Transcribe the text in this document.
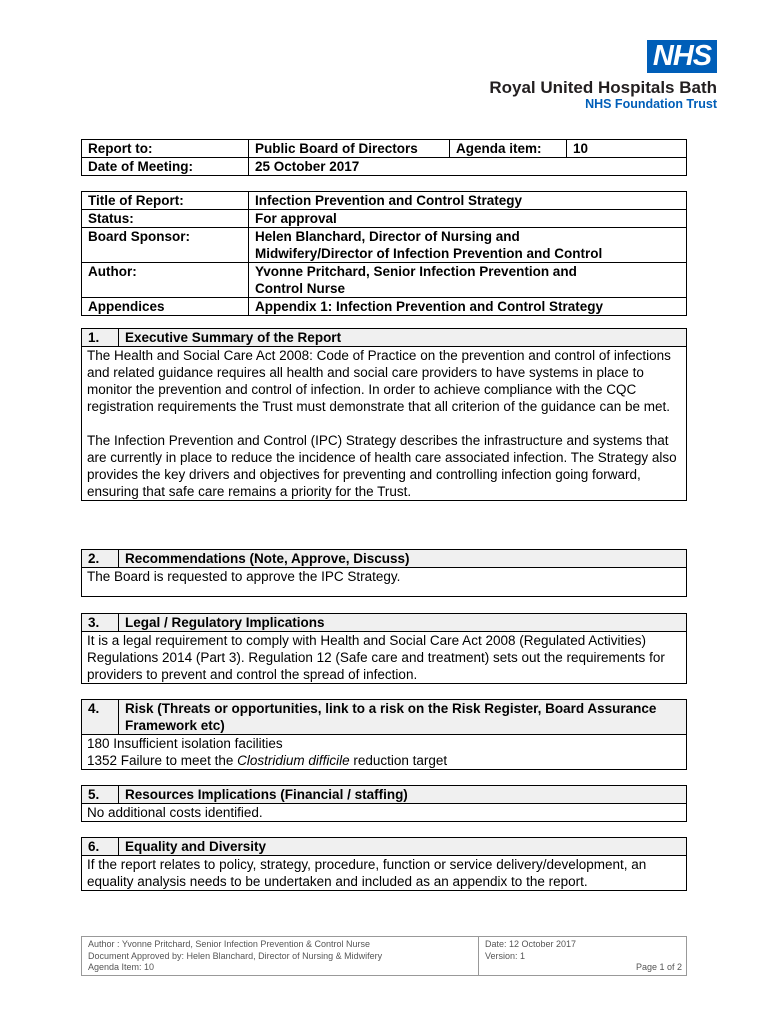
NHS
Royal United Hospitals Bath
NHS Foundation Trust
Report to:	Public Board of Directors	Agenda item:	10
Date of Meeting:	25 October 2017		
Title of Report:	Infection Prevention and Control Strategy
Status:	For approval
Board Sponsor:	Helen Blanchard, Director of Nursing and
Midwifery/Director of Infection Prevention and Control

Author:	Yvonne Pritchard, Senior Infection Prevention and
Control Nurse

Appendices	Appendix 1: Infection Prevention and Control Strategy
1.	Executive Summary of the Report

The Health and Social Care Act 2008: Code of Practice on the prevention and control of infections and related guidance requires all health and social care providers to have systems in place to monitor the prevention and control of infection. In order to achieve compliance with the CQC registration requirements the Trust must demonstrate that all criterion of the guidance can be met.

The Infection Prevention and Control (IPC) Strategy describes the infrastructure and systems that are currently in place to reduce the incidence of health care associated infection. The Strategy also provides the key drivers and objectives for preventing and controlling infection going forward, ensuring that safe care remains a priority for the Trust.

2.	Recommendations (Note, Approve, Discuss)

The Board is requested to approve the IPC Strategy.

3.	Legal / Regulatory Implications

It is a legal requirement to comply with Health and Social Care Act 2008 (Regulated Activities) Regulations 2014 (Part 3). Regulation 12 (Safe care and treatment) sets out the requirements for providers to prevent and control the spread of infection.

4.	Risk (Threats or opportunities, link to a risk on the Risk Register, Board Assurance Framework etc)

180 Insufficient isolation facilities

1352 Failure to meet the Clostridium difficile reduction target

5.	Resources Implications (Financial / staffing)

No additional costs identified.

6.	Equality and Diversity

If the report relates to policy, strategy, procedure, function or service delivery/development, an equality analysis needs to be undertaken and included as an appendix to the report.

Author : Yvonne Pritchard, Senior Infection Prevention & Control Nurse
Document Approved by: Helen Blanchard, Director of Nursing & Midwifery
Agenda Item: 10
Date: 12 October 2017
Version: 1
Page 1 of 2
